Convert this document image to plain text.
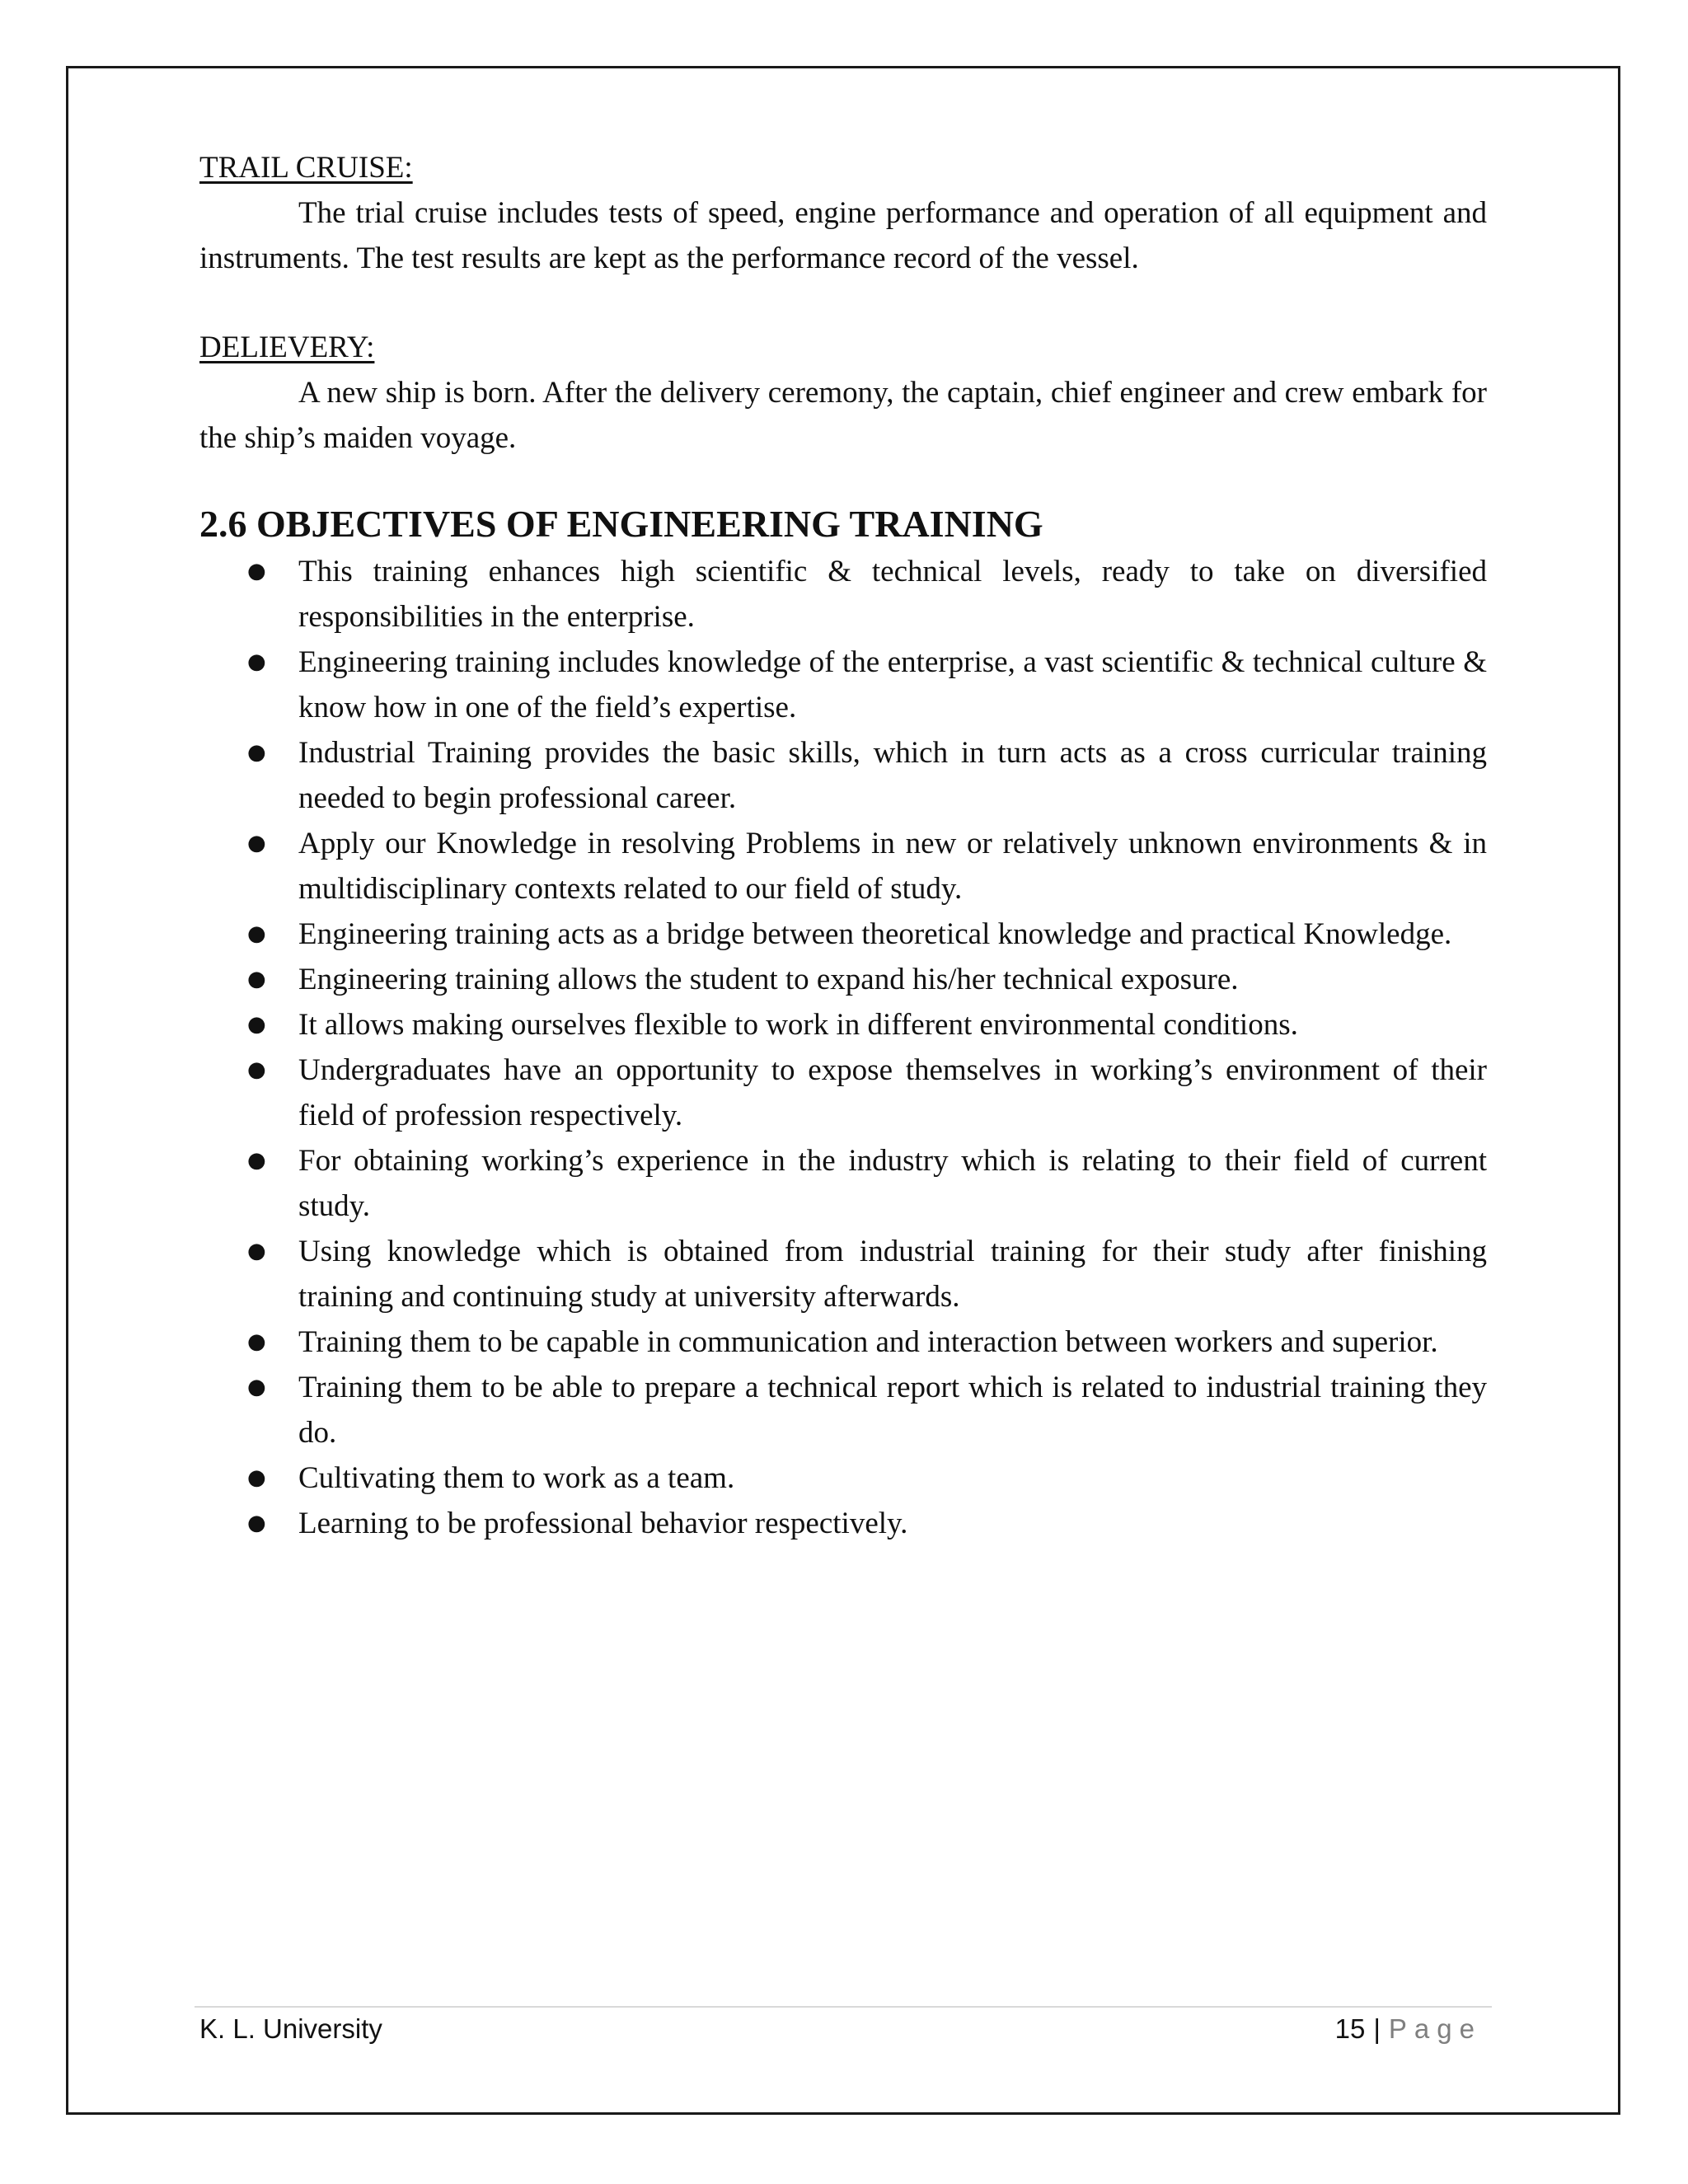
TRAIL CRUISE:

The trial cruise includes tests of speed, engine performance and operation of all equipment and instruments. The test results are kept as the performance record of the vessel.

DELIEVERY:

A new ship is born. After the delivery ceremony, the captain, chief engineer and crew embark for the ship’s maiden voyage.

2.6 OBJECTIVES OF ENGINEERING TRAINING
● This training enhances high scientific & technical levels, ready to take on diversified responsibilities in the enterprise.
● Engineering training includes knowledge of the enterprise, a vast scientific & technical culture & know how in one of the field’s expertise.
● Industrial Training provides the basic skills, which in turn acts as a cross curricular training needed to begin professional career.
● Apply our Knowledge in resolving Problems in new or relatively unknown environments & in multidisciplinary contexts related to our field of study.
● Engineering training acts as a bridge between theoretical knowledge and practical Knowledge.
● Engineering training allows the student to expand his/her technical exposure.
● It allows making ourselves flexible to work in different environmental conditions.
● Undergraduates have an opportunity to expose themselves in working’s environment of their field of profession respectively.
● For obtaining working’s experience in the industry which is relating to their field of current study.
● Using knowledge which is obtained from industrial training for their study after finishing training and continuing study at university afterwards.
● Training them to be capable in communication and interaction between workers and superior.
● Training them to be able to prepare a technical report which is related to industrial training they do.
● Cultivating them to work as a team.
● Learning to be professional behavior respectively.
K. L. University	15 | Page
